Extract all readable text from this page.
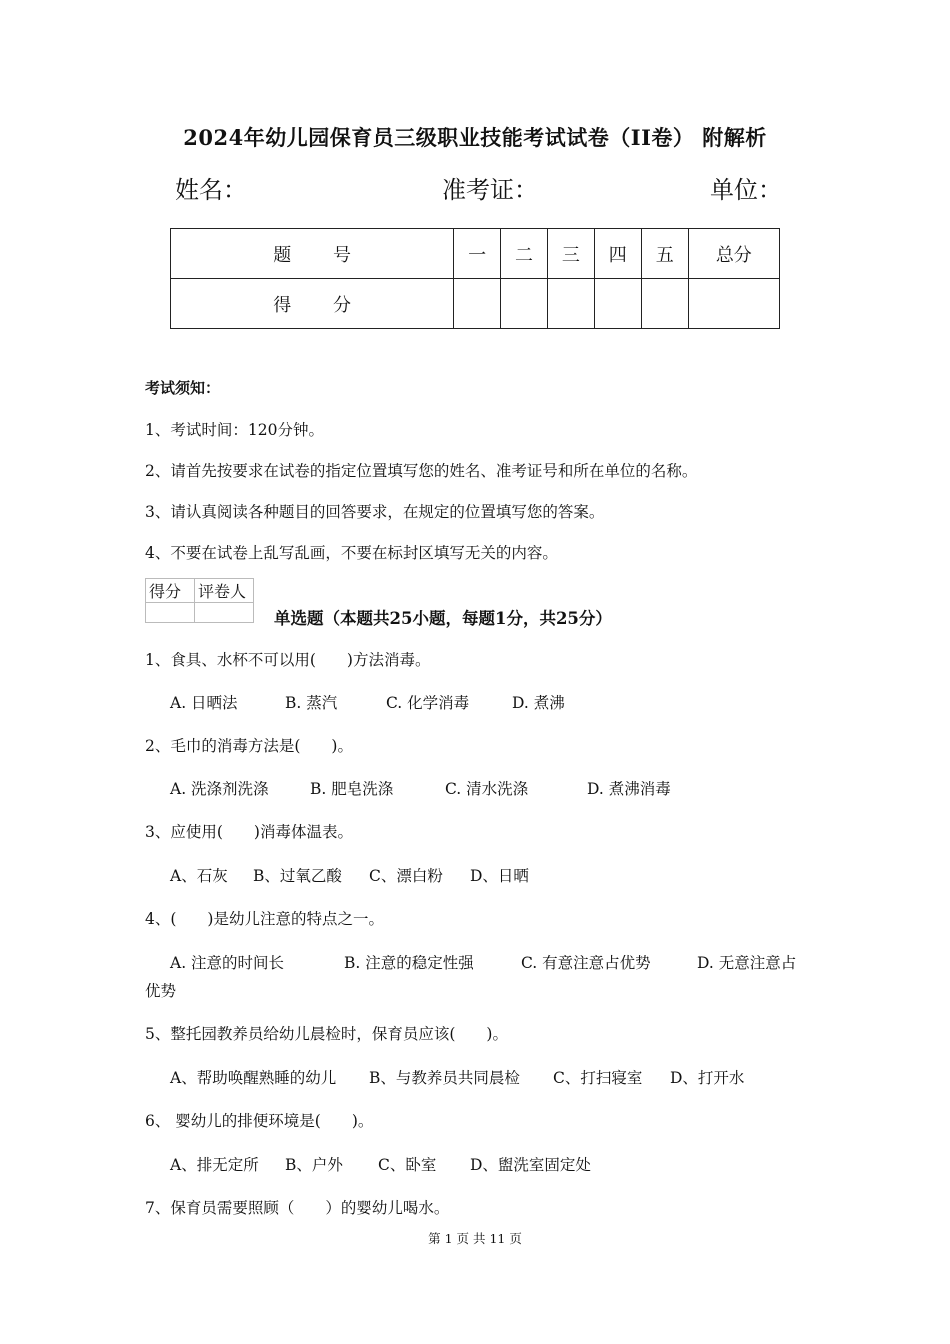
2024年幼儿园保育员三级职业技能考试试卷（II卷） 附解析
姓名：	准考证：	单位：
题 号	一	二	三	四	五	总分
得 分						
考试须知：
1、考试时间：120分钟。
2、请首先按要求在试卷的指定位置填写您的姓名、准考证号和所在单位的名称。
3、请认真阅读各种题目的回答要求，在规定的位置填写您的答案。
4、不要在试卷上乱写乱画，不要在标封区填写无关的内容。
得分	评卷人

单选题（本题共25小题，每题1分，共25分）
1、食具、水杯不可以用(　　)方法消毒。
A. 日晒法	B. 蒸汽	C. 化学消毒	D. 煮沸
2、毛巾的消毒方法是(　　)。
A. 洗涤剂洗涤	B. 肥皂洗涤	C. 清水洗涤	D. 煮沸消毒
3、应使用(　　)消毒体温表。
A、石灰 B、过氧乙酸 C、漂白粉 D、日晒
4、(　　)是幼儿注意的特点之一。
A. 注意的时间长	B. 注意的稳定性强	C. 有意注意占优势	D. 无意注意占
优势
5、整托园教养员给幼儿晨检时，保育员应该(　　)。
A、帮助唤醒熟睡的幼儿 B、与教养员共同晨检 C、打扫寝室 D、打开水
6、 婴幼儿的排便环境是(　　)。
A、排无定所 B、户外 C、卧室 D、盥洗室固定处
7、保育员需要照顾（　　）的婴幼儿喝水。
第 1 页 共 11 页
